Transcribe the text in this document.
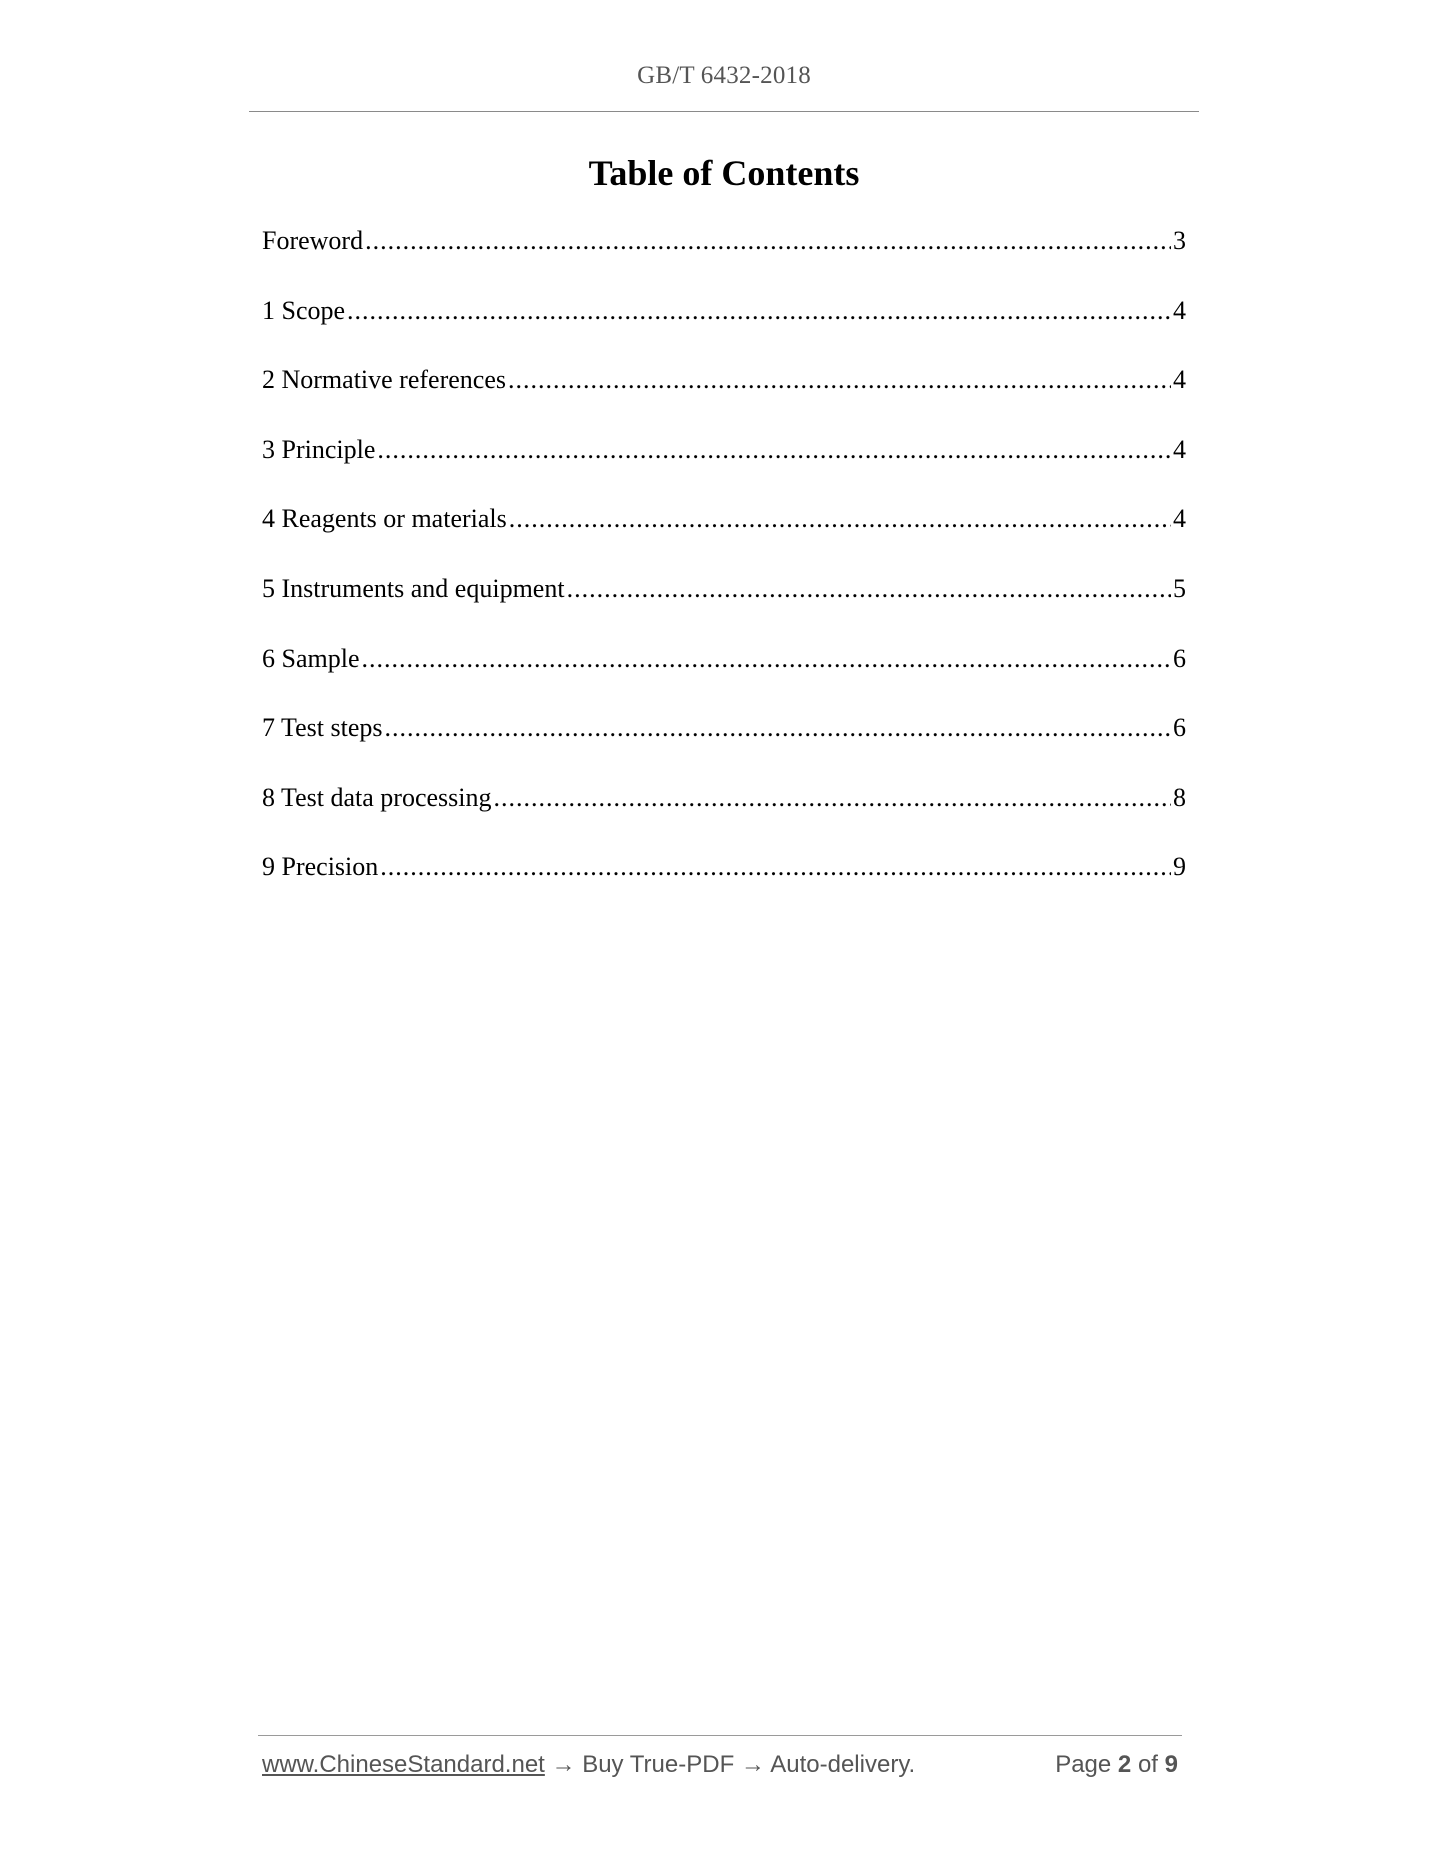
GB/T 6432-2018
Table of Contents
Foreword .....	3
1 Scope .....	4
2 Normative references .....	4
3 Principle .....	4
4 Reagents or materials .....	4
5 Instruments and equipment .....	5
6 Sample .....	6
7 Test steps .....	6
8 Test data processing .....	8
9 Precision .....	9
www.ChineseStandard.net → Buy True-PDF → Auto-delivery.	Page 2 of 9
